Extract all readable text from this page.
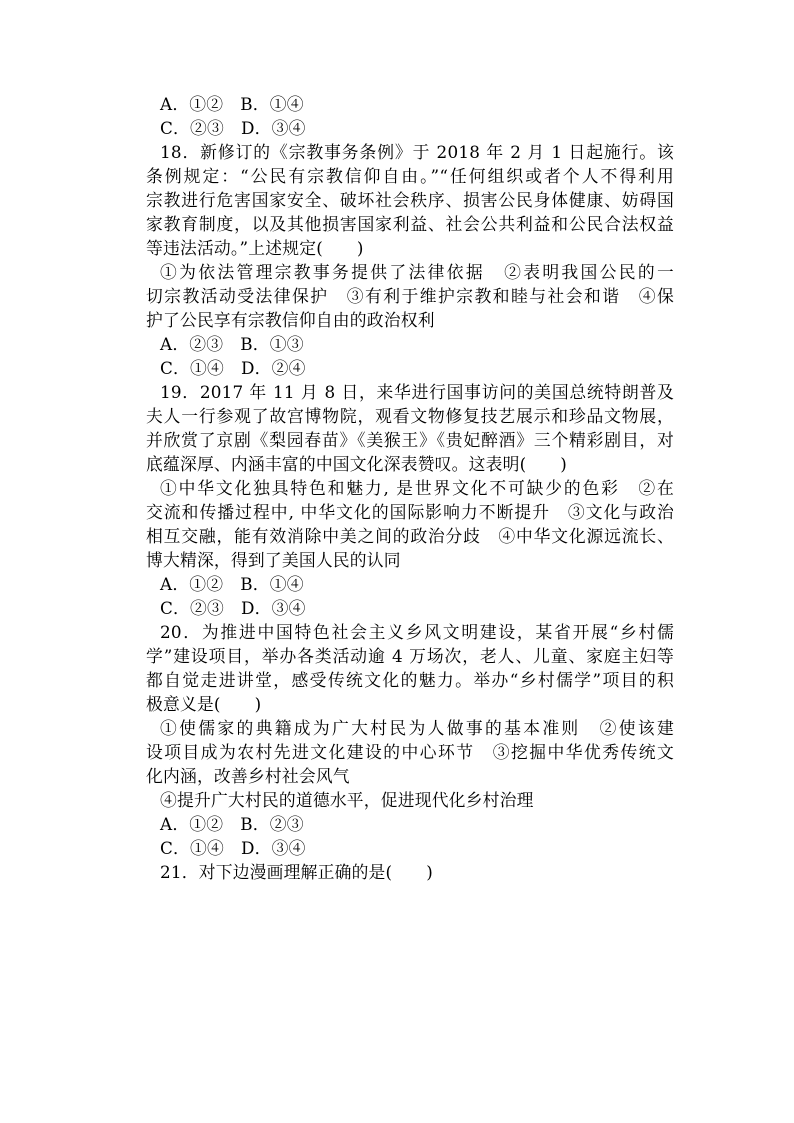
A．①②　B．①④
C．②③　D．③④
18．新修订的《宗教事务条例》于 2018 年 2 月 1 日起施行。该
条例规定：“公民有宗教信仰自由。”“任何组织或者个人不得利用
宗教进行危害国家安全、破坏社会秩序、损害公民身体健康、妨碍国
家教育制度，以及其他损害国家利益、社会公共利益和公民合法权益
等违法活动。”上述规定(　　)
①为依法管理宗教事务提供了法律依据　②表明我国公民的一
切宗教活动受法律保护　③有利于维护宗教和睦与社会和谐　④保
护了公民享有宗教信仰自由的政治权利
A．②③　B．①③
C．①④　D．②④
19．2017 年 11 月 8 日，来华进行国事访问的美国总统特朗普及
夫人一行参观了故宫博物院，观看文物修复技艺展示和珍品文物展，
并欣赏了京剧《梨园春苗》《美猴王》《贵妃醉酒》三个精彩剧目，对
底蕴深厚、内涵丰富的中国文化深表赞叹。这表明(　　)
①中华文化独具特色和魅力, 是世界文化不可缺少的色彩　②在
交流和传播过程中, 中华文化的国际影响力不断提升　③文化与政治
相互交融，能有效消除中美之间的政治分歧　④中华文化源远流长、
博大精深，得到了美国人民的认同
A．①②　B．①④
C．②③　D．③④
20．为推进中国特色社会主义乡风文明建设，某省开展“乡村儒
学”建设项目，举办各类活动逾 4 万场次，老人、儿童、家庭主妇等
都自觉走进讲堂，感受传统文化的魅力。举办“乡村儒学”项目的积
极意义是(　　)
①使儒家的典籍成为广大村民为人做事的基本准则　②使该建
设项目成为农村先进文化建设的中心环节　③挖掘中华优秀传统文
化内涵，改善乡村社会风气
④提升广大村民的道德水平，促进现代化乡村治理
A．①②　B．②③
C．①④　D．③④
21．对下边漫画理解正确的是(　　)
